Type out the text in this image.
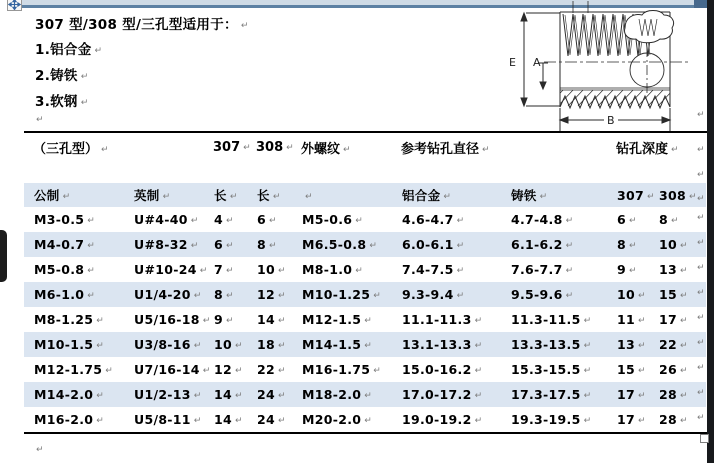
307 型/308 型/三孔型适用于： ↵
1.铝合金 ↵
2.铸铁 ↵
3.软钢 ↵
↵
E A
B
（三孔型） ↵	307 ↵ 308 ↵ 外螺纹 ↵	参考钻孔直径 ↵	钻孔深度 ↵
公制 ↵	英制 ↵	长 ↵	长 ↵	↵	铝合金 ↵	铸铁 ↵	307 ↵ 308 ↵
M3-0.5 ↵	U#4-40 ↵	4 ↵	6 ↵	M5-0.6 ↵	4.6-4.7 ↵	4.7-4.8 ↵	6 ↵	8 ↵
M4-0.7 ↵	U#8-32 ↵	6 ↵	8 ↵	M6.5-0.8 ↵	6.0-6.1 ↵	6.1-6.2 ↵	8 ↵	10 ↵
M5-0.8 ↵	U#10-24 ↵ 7 ↵	10 ↵	M8-1.0 ↵	7.4-7.5 ↵	7.6-7.7 ↵	9 ↵	13 ↵
M6-1.0 ↵	U1/4-20 ↵ 8 ↵	12 ↵	M10-1.25 ↵	9.3-9.4 ↵	9.5-9.6 ↵	10 ↵	15 ↵
M8-1.25 ↵	U5/16-18 ↵ 9 ↵	14 ↵	M12-1.5 ↵	11.1-11.3 ↵	11.3-11.5 ↵	11 ↵	17 ↵
M10-1.5 ↵	U3/8-16 ↵ 10 ↵	18 ↵	M14-1.5 ↵	13.1-13.3 ↵	13.3-13.5 ↵	13 ↵	22 ↵
M12-1.75 ↵	U7/16-14 ↵ 12 ↵	22 ↵	M16-1.75 ↵	15.0-16.2 ↵	15.3-15.5 ↵	15 ↵	26 ↵
M14-2.0 ↵	U1/2-13 ↵ 14 ↵	24 ↵	M18-2.0 ↵	17.0-17.2 ↵	17.3-17.5 ↵	17 ↵	28 ↵
M16-2.0 ↵	U5/8-11 ↵ 14 ↵	24 ↵	M20-2.0 ↵	19.0-19.2 ↵	19.3-19.5 ↵	17 ↵	28 ↵
↵
↵
↵
↵
↵
↵
↵
↵
↵
↵
↵
↵
↵
↵
